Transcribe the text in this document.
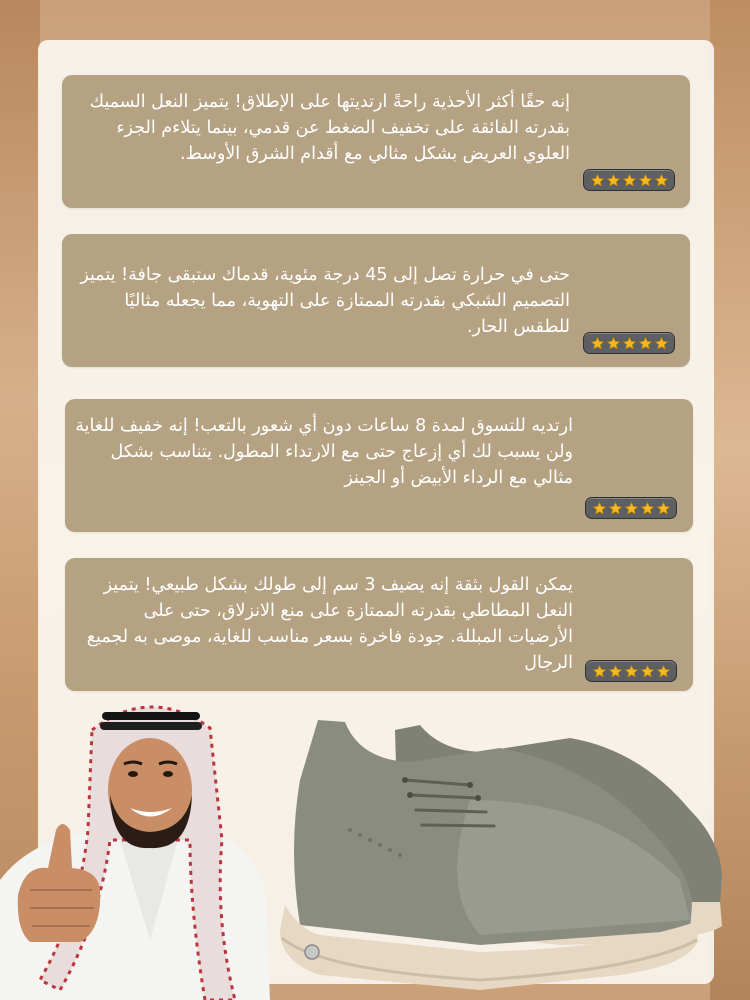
إنه حقًا أكثر الأحذية راحةً ارتديتها على الإطلاق! يتميز النعل السميك بقدرته الفائقة على تخفيف الضغط عن قدمي، بينما يتلاءم الجزء العلوي العريض بشكل مثالي مع أقدام الشرق الأوسط.
حتى في حرارة تصل إلى 45 درجة مئوية، قدماك ستبقى جافة! يتميز التصميم الشبكي بقدرته الممتازة على التهوية، مما يجعله مثاليًا للطقس الحار.
ارتديه للتسوق لمدة 8 ساعات دون أي شعور بالتعب! إنه خفيف للغاية ولن يسبب لك أي إزعاج حتى مع الارتداء المطول. يتناسب بشكل مثالي مع الرداء الأبيض أو الجينز
يمكن القول بثقة إنه يضيف 3 سم إلى طولك بشكل طبيعي! يتميز النعل المطاطي بقدرته الممتازة على منع الانزلاق، حتى على الأرضيات المبللة. جودة فاخرة بسعر مناسب للغاية، موصى به لجميع الرجال
